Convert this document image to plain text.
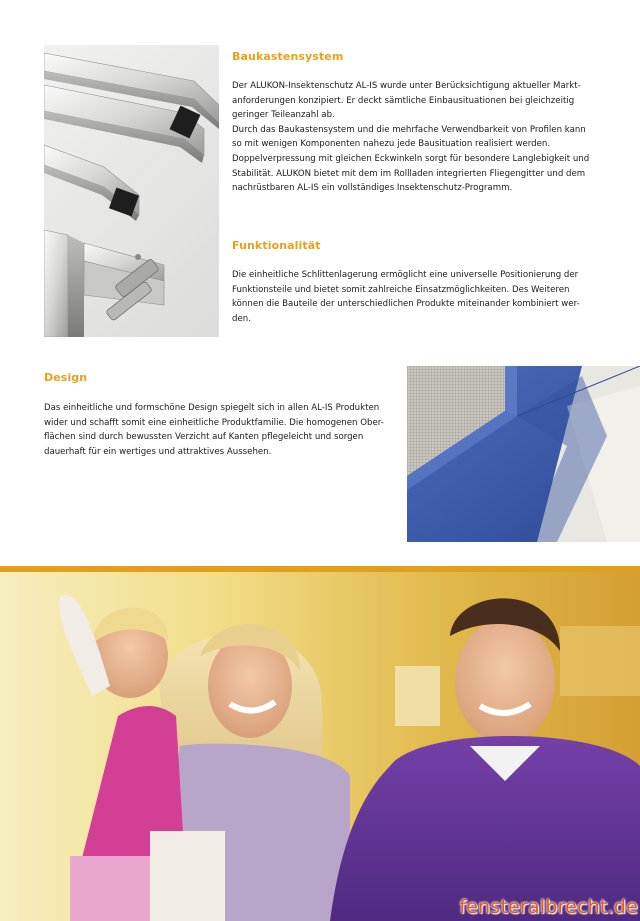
Baukastensystem

Der ALUKON-Insektenschutz AL-IS wurde unter Berücksichtigung aktueller Markt-

anforderungen konzipiert. Er deckt sämtliche Einbausituationen bei gleichzeitig

geringer Teileanzahl ab.

Durch das Baukastensystem und die mehrfache Verwendbarkeit von Profilen kann

so mit wenigen Komponenten nahezu jede Bausituation realisiert werden.

Doppelverpressung mit gleichen Eckwinkeln sorgt für besondere Langlebigkeit und

Stabilität. ALUKON bietet mit dem im Rollladen integrierten Fliegengitter und dem

nachrüstbaren AL-IS ein vollständiges Insektenschutz-Programm.

Funktionalität

Die einheitliche Schlittenlagerung ermöglicht eine universelle Positionierung der

Funktionsteile und bietet somit zahlreiche Einsatzmöglichkeiten. Des Weiteren

können die Bauteile der unterschiedlichen Produkte miteinander kombiniert wer-

den.

Design

Das einheitliche und formschöne Design spiegelt sich in allen AL-IS Produkten

wider und schafft somit eine einheitliche Produktfamilie. Die homogenen Ober-

flächen sind durch bewussten Verzicht auf Kanten pflegeleicht und sorgen

dauerhaft für ein wertiges und attraktives Aussehen.

fensteralbrecht.de
